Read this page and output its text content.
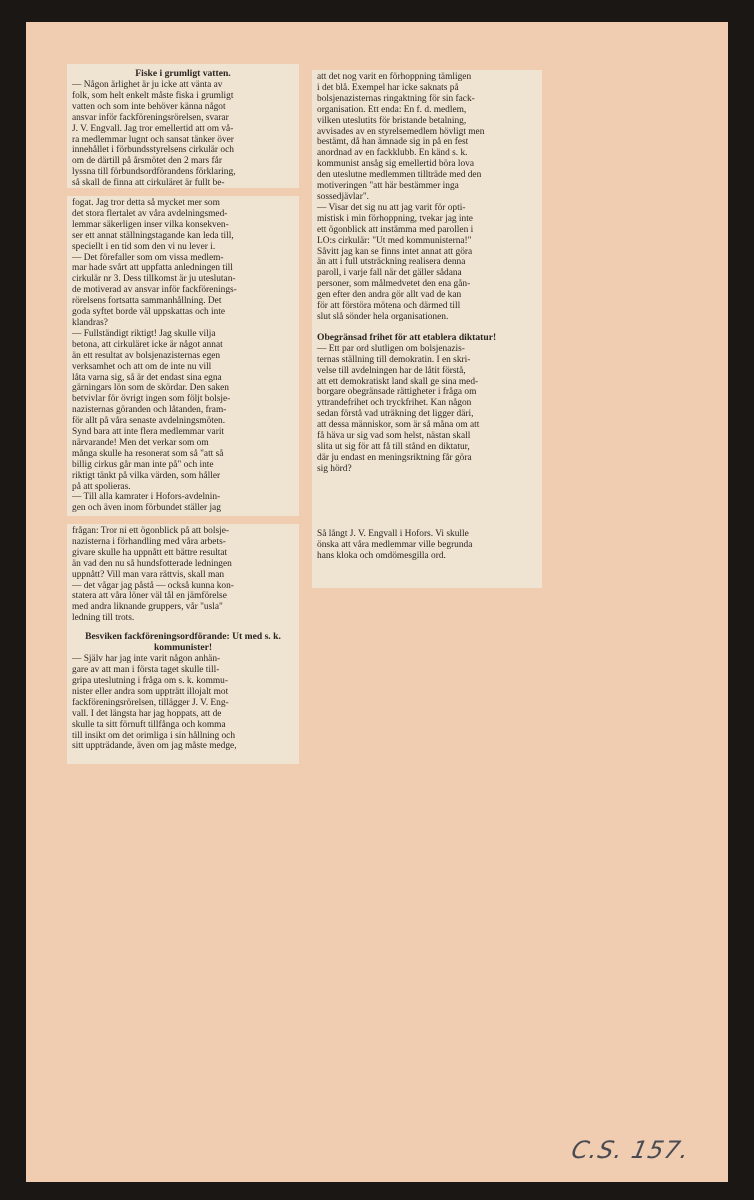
Fiske i grumligt vatten.

— Någon ärlighet är ju icke att vänta av

folk, som helt enkelt måste fiska i grumligt

vatten och som inte behöver känna något

ansvar inför fackföreningsrörelsen, svarar

J. V. Engvall. Jag tror emellertid att om vå-

ra medlemmar lugnt och sansat tänker över

innehållet i förbundsstyrelsens cirkulär och

om de därtill på årsmötet den 2 mars får

lyssna till förbundsordförandens förklaring,

så skall de finna att cirkuläret är fullt be-

fogat. Jag tror detta så mycket mer som

det stora flertalet av våra avdelningsmed-

lemmar säkerligen inser vilka konsekven-

ser ett annat ställningstagande kan leda till,

speciellt i en tid som den vi nu lever i.

— Det förefaller som om vissa medlem-

mar hade svårt att uppfatta anledningen till

cirkulär nr 3. Dess tillkomst är ju uteslutan-

de motiverad av ansvar inför fackförenings-

rörelsens fortsatta sammanhållning. Det

goda syftet borde väl uppskattas och inte

klandras?

— Fullständigt riktigt! Jag skulle vilja

betona, att cirkuläret icke är något annat

än ett resultat av bolsjenazisternas egen

verksamhet och att om de inte nu vill

låta varna sig, så är det endast sina egna

gärningars lön som de skördar. Den saken

betvivlar för övrigt ingen som följt bolsje-

nazisternas göranden och låtanden, fram-

för allt på våra senaste avdelningsmöten.

Synd bara att inte flera medlemmar varit

närvarande! Men det verkar som om

många skulle ha resonerat som så "att så

billig cirkus går man inte på" och inte

riktigt tänkt på vilka värden, som håller

på att spolieras.

— Till alla kamrater i Hofors-avdelnin-

gen och även inom förbundet ställer jag

frågan: Tror ni ett ögonblick på att bolsje-

nazisterna i förhandling med våra arbets-

givare skulle ha uppnått ett bättre resultat

än vad den nu så hundsfotterade ledningen

uppnått? Vill man vara rättvis, skall man

— det vågar jag påstå — också kunna kon-

statera att våra löner väl tål en jämförelse

med andra liknande gruppers, vår "usla"

ledning till trots.

Besviken fackföreningsordförande: Ut med s. k. kommunister!

— Själv har jag inte varit någon anhän-

gare av att man i första taget skulle till-

gripa uteslutning i fråga om s. k. kommu-

nister eller andra som uppträtt illojalt mot

fackföreningsrörelsen, tillägger J. V. Eng-

vall. I det längsta har jag hoppats, att de

skulle ta sitt förnuft tillfånga och komma

till insikt om det orimliga i sin hållning och

sitt uppträdande, även om jag måste medge,

att det nog varit en förhoppning tämligen

i det blå. Exempel har icke saknats på

bolsjenazisternas ringaktning för sin fack-

organisation. Ett enda: En f. d. medlem,

vilken uteslutits för bristande betalning,

avvisades av en styrelsemedlem hövligt men

bestämt, då han ämnade sig in på en fest

anordnad av en fackklubb. En känd s. k.

kommunist ansåg sig emellertid böra lova

den uteslutne medlemmen tillträde med den

motiveringen "att här bestämmer inga

sossedjävlar".

— Visar det sig nu att jag varit för opti-

mistisk i min förhoppning, tvekar jag inte

ett ögonblick att instämma med parollen i

LO:s cirkulär: "Ut med kommunisterna!"

Såvitt jag kan se finns intet annat att göra

än att i full utsträckning realisera denna

paroll, i varje fall när det gäller sådana

personer, som målmedvetet den ena gån-

gen efter den andra gör allt vad de kan

för att förstöra mötena och därmed till

slut slå sönder hela organisationen.

Obegränsad frihet för att etablera diktatur!

— Ett par ord slutligen om bolsjenazis-

ternas ställning till demokratin. I en skri-

velse till avdelningen har de låtit förstå,

att ett demokratiskt land skall ge sina med-

borgare obegränsade rättigheter i fråga om

yttrandefrihet och tryckfrihet. Kan någon

sedan förstå vad uträkning det ligger däri,

att dessa människor, som är så måna om att

få häva ur sig vad som helst, nästan skall

slita ut sig för att få till stånd en diktatur,

där ju endast en meningsriktning får göra

sig hörd?

Så långt J. V. Engvall i Hofors. Vi skulle

önska att våra medlemmar ville begrunda

hans kloka och omdömesgilla ord.

C.S. 157.
